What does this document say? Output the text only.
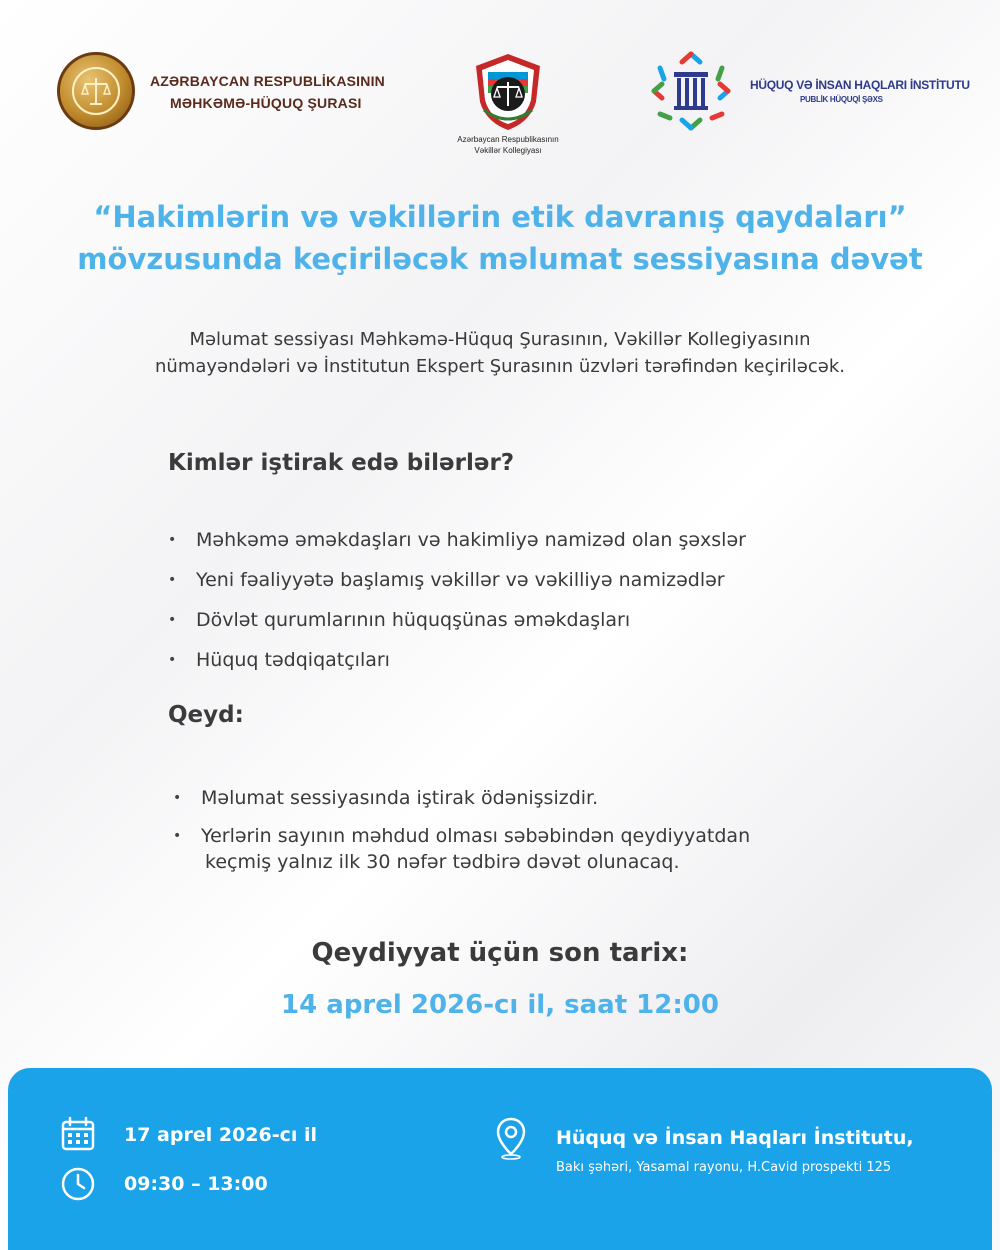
AZƏRBAYCAN RESPUBLİKASININ
MƏHKƏMƏ-HÜQUQ ŞURASI
Azərbaycan Respublikasının
Vəkillər Kollegiyası
HÜQUQ VƏ İNSAN HAQLARI İNSTİTUTU
PUBLİK HÜQUQİ ŞƏXS
“Hakimlərin və vəkillərin etik davranış qaydaları”
mövzusunda keçiriləcək məlumat sessiyasına dəvət
Məlumat sessiyası Məhkəmə-Hüquq Şurasının, Vəkillər Kollegiyasının
nümayəndələri və İnstitutun Ekspert Şurasının üzvləri tərəfindən keçiriləcək.
Kimlər iştirak edə bilərlər?
• Məhkəmə əməkdaşları və hakimliyə namizəd olan şəxslər
• Yeni fəaliyyətə başlamış vəkillər və vəkilliyə namizədlər
• Dövlət qurumlarının hüquqşünas əməkdaşları
• Hüquq tədqiqatçıları
Qeyd:
• Məlumat sessiyasında iştirak ödənişsizdir.
• Yerlərin sayının məhdud olması səbəbindən qeydiyyatdan
keçmiş yalnız ilk 30 nəfər tədbirə dəvət olunacaq.
Qeydiyyat üçün son tarix:
14 aprel 2026-cı il, saat 12:00
17 aprel 2026-cı il
09:30 – 13:00
Hüquq və İnsan Haqları İnstitutu,
Bakı şəhəri, Yasamal rayonu, H.Cavid prospekti 125
